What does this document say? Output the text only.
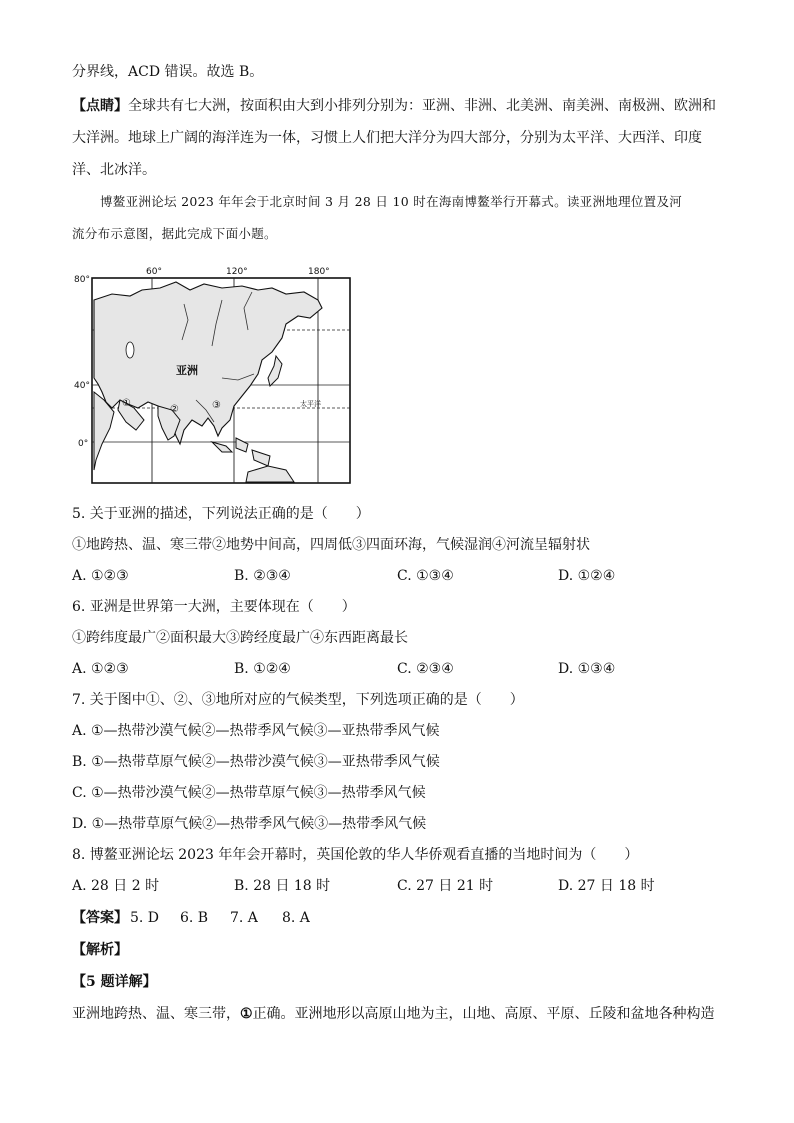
分界线，ACD 错误。故选 B。
【点睛】全球共有七大洲，按面积由大到小排列分别为：亚洲、非洲、北美洲、南美洲、南极洲、欧洲和
大洋洲。地球上广阔的海洋连为一体，习惯上人们把大洋分为四大部分，分别为太平洋、大西洋、印度
洋、北冰洋。
博鳌亚洲论坛 2023 年年会于北京时间 3 月 28 日 10 时在海南博鳌举行开幕式。读亚洲地理位置及河
流分布示意图，据此完成下面小题。
60°	120°	180°
80°
40°
0°
亚洲
①
②	③	太平洋
5. 关于亚洲的描述，下列说法正确的是（　　）
①地跨热、温、寒三带②地势中间高，四周低③四面环海，气候湿润④河流呈辐射状
A. ①②③	B. ②③④	C. ①③④	D. ①②④
6. 亚洲是世界第一大洲，主要体现在（　　）
①跨纬度最广②面积最大③跨经度最广④东西距离最长
A. ①②③	B. ①②④	C. ②③④	D. ①③④
7. 关于图中①、②、③地所对应的气候类型，下列选项正确的是（　　）
A. ①—热带沙漠气候②—热带季风气候③—亚热带季风气候
B. ①—热带草原气候②—热带沙漠气候③—亚热带季风气候
C. ①—热带沙漠气候②—热带草原气候③—热带季风气候
D. ①—热带草原气候②—热带季风气候③—热带季风气候
8. 博鳌亚洲论坛 2023 年年会开幕时，英国伦敦的华人华侨观看直播的当地时间为（　　）
A. 28 日 2 时	B. 28 日 18 时	C. 27 日 21 时	D. 27 日 18 时
【答案】 5. D 6. B 7. A 8. A
【解析】
【5 题详解】
亚洲地跨热、温、寒三带，①正确。亚洲地形以高原山地为主，山地、高原、平原、丘陵和盆地各种构造
